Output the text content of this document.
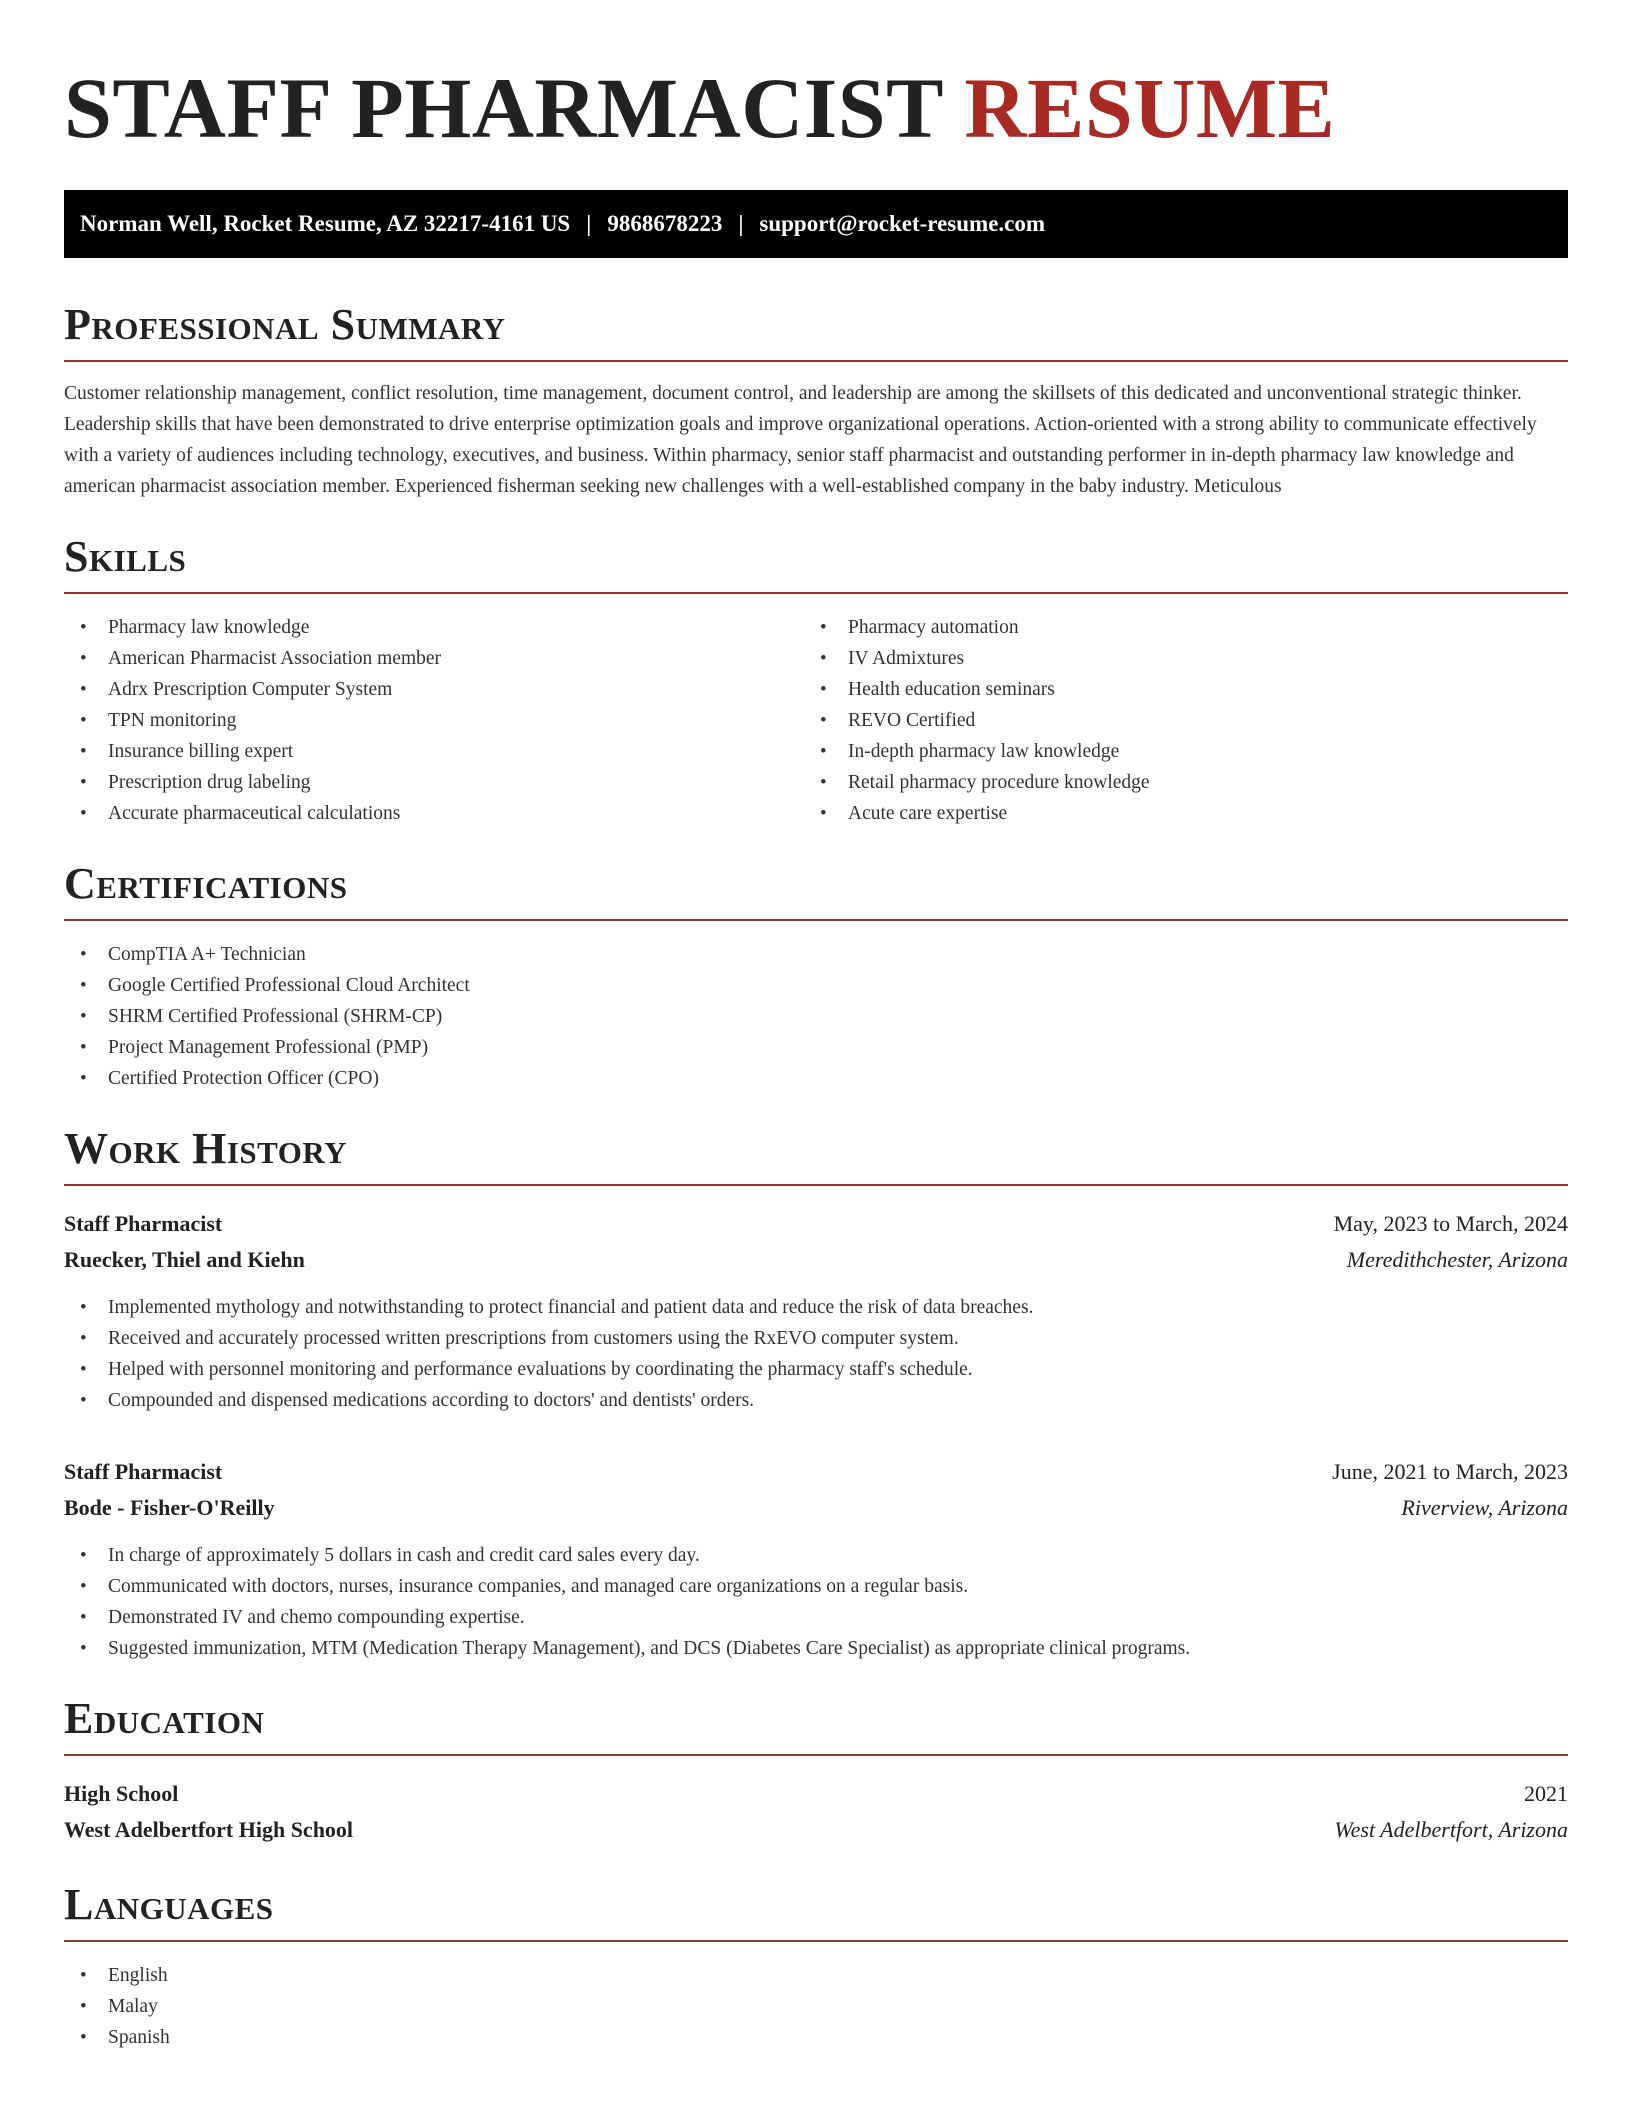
STAFF PHARMACIST RESUME
Norman Well, Rocket Resume, AZ 32217-4161 US | 9868678223 | support@rocket-resume.com
Professional Summary

Customer relationship management, conflict resolution, time management, document control, and leadership are among the skillsets of this dedicated and unconventional strategic thinker. Leadership skills that have been demonstrated to drive enterprise optimization goals and improve organizational operations. Action-oriented with a strong ability to communicate effectively with a variety of audiences including technology, executives, and business. Within pharmacy, senior staff pharmacist and outstanding performer in in-depth pharmacy law knowledge and american pharmacist association member. Experienced fisherman seeking new challenges with a well-established company in the baby industry. Meticulous

Skills
• Pharmacy law knowledge
• American Pharmacist Association member
• Adrx Prescription Computer System
• TPN monitoring
• Insurance billing expert
• Prescription drug labeling
• Accurate pharmaceutical calculations
• Pharmacy automation
• IV Admixtures
• Health education seminars
• REVO Certified
• In-depth pharmacy law knowledge
• Retail pharmacy procedure knowledge
• Acute care expertise
Certifications
• CompTIA A+ Technician
• Google Certified Professional Cloud Architect
• SHRM Certified Professional (SHRM-CP)
• Project Management Professional (PMP)
• Certified Protection Officer (CPO)
Work History
Staff Pharmacist	May, 2023 to March, 2024
Ruecker, Thiel and Kiehn	Meredithchester, Arizona
• Implemented mythology and notwithstanding to protect financial and patient data and reduce the risk of data breaches.
• Received and accurately processed written prescriptions from customers using the RxEVO computer system.
• Helped with personnel monitoring and performance evaluations by coordinating the pharmacy staff's schedule.
• Compounded and dispensed medications according to doctors' and dentists' orders.
Staff Pharmacist	June, 2021 to March, 2023
Bode - Fisher-O'Reilly	Riverview, Arizona
• In charge of approximately 5 dollars in cash and credit card sales every day.
• Communicated with doctors, nurses, insurance companies, and managed care organizations on a regular basis.
• Demonstrated IV and chemo compounding expertise.
• Suggested immunization, MTM (Medication Therapy Management), and DCS (Diabetes Care Specialist) as appropriate clinical programs.
Education
High School	2021
West Adelbertfort High School	West Adelbertfort, Arizona
Languages
• English
• Malay
• Spanish
